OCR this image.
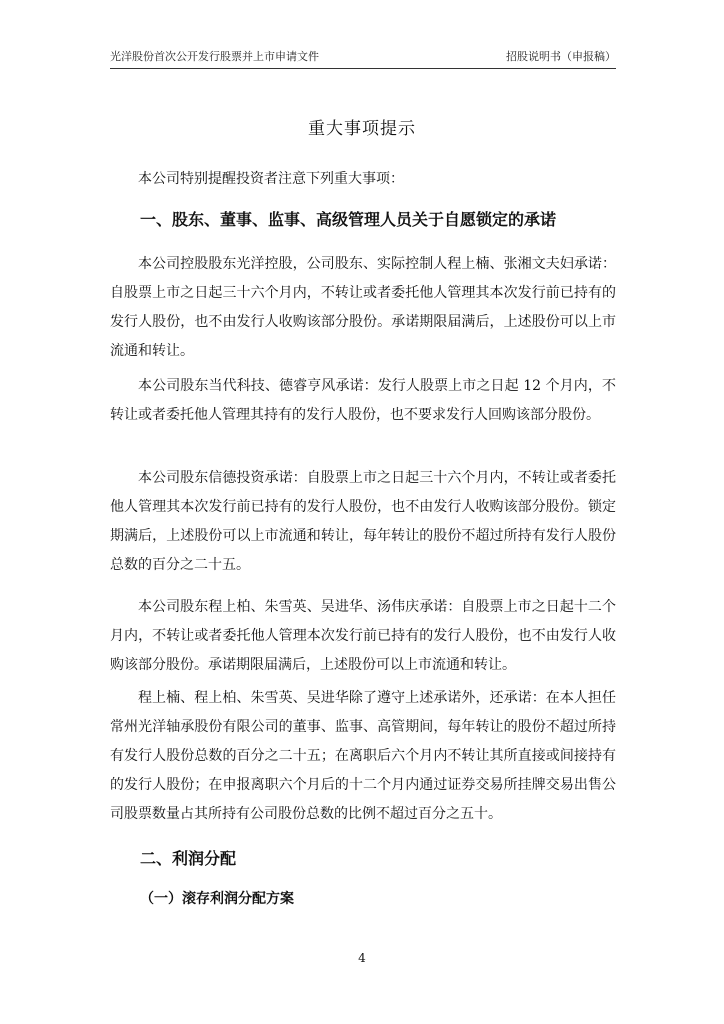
光洋股份首次公开发行股票并上市申请文件	招股说明书（申报稿）
重大事项提示

本公司特别提醒投资者注意下列重大事项：

一、股东、董事、监事、高级管理人员关于自愿锁定的承诺

本公司控股股东光洋控股，公司股东、实际控制人程上楠、张湘文夫妇承诺：自股票上市之日起三十六个月内，不转让或者委托他人管理其本次发行前已持有的发行人股份，也不由发行人收购该部分股份。承诺期限届满后，上述股份可以上市流通和转让。

本公司股东当代科技、德睿亨风承诺：发行人股票上市之日起 12 个月内，不转让或者委托他人管理其持有的发行人股份，也不要求发行人回购该部分股份。

本公司股东信德投资承诺：自股票上市之日起三十六个月内，不转让或者委托他人管理其本次发行前已持有的发行人股份，也不由发行人收购该部分股份。锁定期满后，上述股份可以上市流通和转让，每年转让的股份不超过所持有发行人股份总数的百分之二十五。

本公司股东程上柏、朱雪英、吴进华、汤伟庆承诺：自股票上市之日起十二个月内，不转让或者委托他人管理本次发行前已持有的发行人股份，也不由发行人收购该部分股份。承诺期限届满后，上述股份可以上市流通和转让。

程上楠、程上柏、朱雪英、吴进华除了遵守上述承诺外，还承诺：在本人担任常州光洋轴承股份有限公司的董事、监事、高管期间，每年转让的股份不超过所持有发行人股份总数的百分之二十五；在离职后六个月内不转让其所直接或间接持有的发行人股份；在申报离职六个月后的十二个月内通过证券交易所挂牌交易出售公司股票数量占其所持有公司股份总数的比例不超过百分之五十。

二、利润分配
（一）滚存利润分配方案
4
